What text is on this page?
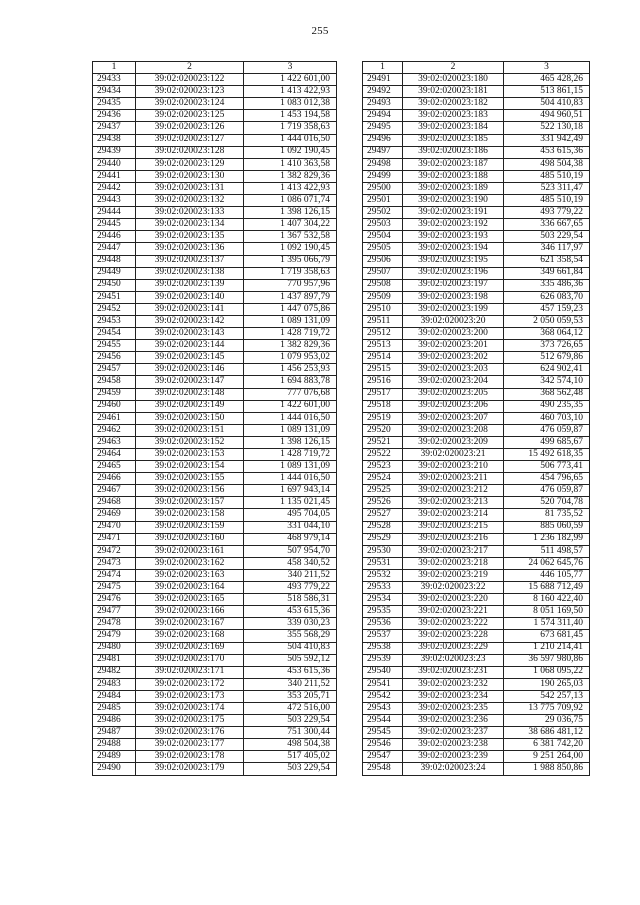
255
1	2	3
29433	39:02:020023:122	1 422 601,00
29434	39:02:020023:123	1 413 422,93
29435	39:02:020023:124	1 083 012,38
29436	39:02:020023:125	1 453 194,58
29437	39:02:020023:126	1 719 358,63
29438	39:02:020023:127	1 444 016,50
29439	39:02:020023:128	1 092 190,45
29440	39:02:020023:129	1 410 363,58
29441	39:02:020023:130	1 382 829,36
29442	39:02:020023:131	1 413 422,93
29443	39:02:020023:132	1 086 071,74
29444	39:02:020023:133	1 398 126,15
29445	39:02:020023:134	1 407 304,22
29446	39:02:020023:135	1 367 532,58
29447	39:02:020023:136	1 092 190,45
29448	39:02:020023:137	1 395 066,79
29449	39:02:020023:138	1 719 358,63
29450	39:02:020023:139	770 957,96
29451	39:02:020023:140	1 437 897,79
29452	39:02:020023:141	1 447 075,86
29453	39:02:020023:142	1 089 131,09
29454	39:02:020023:143	1 428 719,72
29455	39:02:020023:144	1 382 829,36
29456	39:02:020023:145	1 079 953,02
29457	39:02:020023:146	1 456 253,93
29458	39:02:020023:147	1 694 883,78
29459	39:02:020023:148	777 076,68
29460	39:02:020023:149	1 422 601,00
29461	39:02:020023:150	1 444 016,50
29462	39:02:020023:151	1 089 131,09
29463	39:02:020023:152	1 398 126,15
29464	39:02:020023:153	1 428 719,72
29465	39:02:020023:154	1 089 131,09
29466	39:02:020023:155	1 444 016,50
29467	39:02:020023:156	1 697 943,14
29468	39:02:020023:157	1 135 021,45
29469	39:02:020023:158	495 704,05
29470	39:02:020023:159	331 044,10
29471	39:02:020023:160	468 979,14
29472	39:02:020023:161	507 954,70
29473	39:02:020023:162	458 340,52
29474	39:02:020023:163	340 211,52
29475	39:02:020023:164	493 779,22
29476	39:02:020023:165	518 586,31
29477	39:02:020023:166	453 615,36
29478	39:02:020023:167	339 030,23
29479	39:02:020023:168	355 568,29
29480	39:02:020023:169	504 410,83
29481	39:02:020023:170	505 592,12
29482	39:02:020023:171	453 615,36
29483	39:02:020023:172	340 211,52
29484	39:02:020023:173	353 205,71
29485	39:02:020023:174	472 516,00
29486	39:02:020023:175	503 229,54
29487	39:02:020023:176	751 300,44
29488	39:02:020023:177	498 504,38
29489	39:02:020023:178	517 405,02
29490	39:02:020023:179	503 229,54
1	2	3
29491	39:02:020023:180	465 428,26
29492	39:02:020023:181	513 861,15
29493	39:02:020023:182	504 410,83
29494	39:02:020023:183	494 960,51
29495	39:02:020023:184	522 130,18
29496	39:02:020023:185	331 942,49
29497	39:02:020023:186	453 615,36
29498	39:02:020023:187	498 504,38
29499	39:02:020023:188	485 510,19
29500	39:02:020023:189	523 311,47
29501	39:02:020023:190	485 510,19
29502	39:02:020023:191	493 779,22
29503	39:02:020023:192	336 667,65
29504	39:02:020023:193	503 229,54
29505	39:02:020023:194	346 117,97
29506	39:02:020023:195	621 358,54
29507	39:02:020023:196	349 661,84
29508	39:02:020023:197	335 486,36
29509	39:02:020023:198	626 083,70
29510	39:02:020023:199	457 159,23
29511	39:02:020023:20	2 050 059,53
29512	39:02:020023:200	368 064,12
29513	39:02:020023:201	373 726,65
29514	39:02:020023:202	512 679,86
29515	39:02:020023:203	624 902,41
29516	39:02:020023:204	342 574,10
29517	39:02:020023:205	368 562,48
29518	39:02:020023:206	490 235,35
29519	39:02:020023:207	460 703,10
29520	39:02:020023:208	476 059,87
29521	39:02:020023:209	499 685,67
29522	39:02:020023:21	15 492 618,35
29523	39:02:020023:210	506 773,41
29524	39:02:020023:211	454 796,65
29525	39:02:020023:212	476 059,87
29526	39:02:020023:213	520 704,78
29527	39:02:020023:214	81 735,52
29528	39:02:020023:215	885 060,59
29529	39:02:020023:216	1 236 182,99
29530	39:02:020023:217	511 498,57
29531	39:02:020023:218	24 062 645,76
29532	39:02:020023:219	446 105,77
29533	39:02:020023:22	15 688 712,49
29534	39:02:020023:220	8 160 422,40
29535	39:02:020023:221	8 051 169,50
29536	39:02:020023:222	1 574 311,40
29537	39:02:020023:228	673 681,45
29538	39:02:020023:229	1 210 214,41
29539	39:02:020023:23	36 597 980,86
29540	39:02:020023:231	1 068 095,22
29541	39:02:020023:232	190 265,03
29542	39:02:020023:234	542 257,13
29543	39:02:020023:235	13 775 709,92
29544	39:02:020023:236	29 036,75
29545	39:02:020023:237	38 686 481,12
29546	39:02:020023:238	6 381 742,20
29547	39:02:020023:239	9 251 264,00
29548	39:02:020023:24	1 988 850,86
